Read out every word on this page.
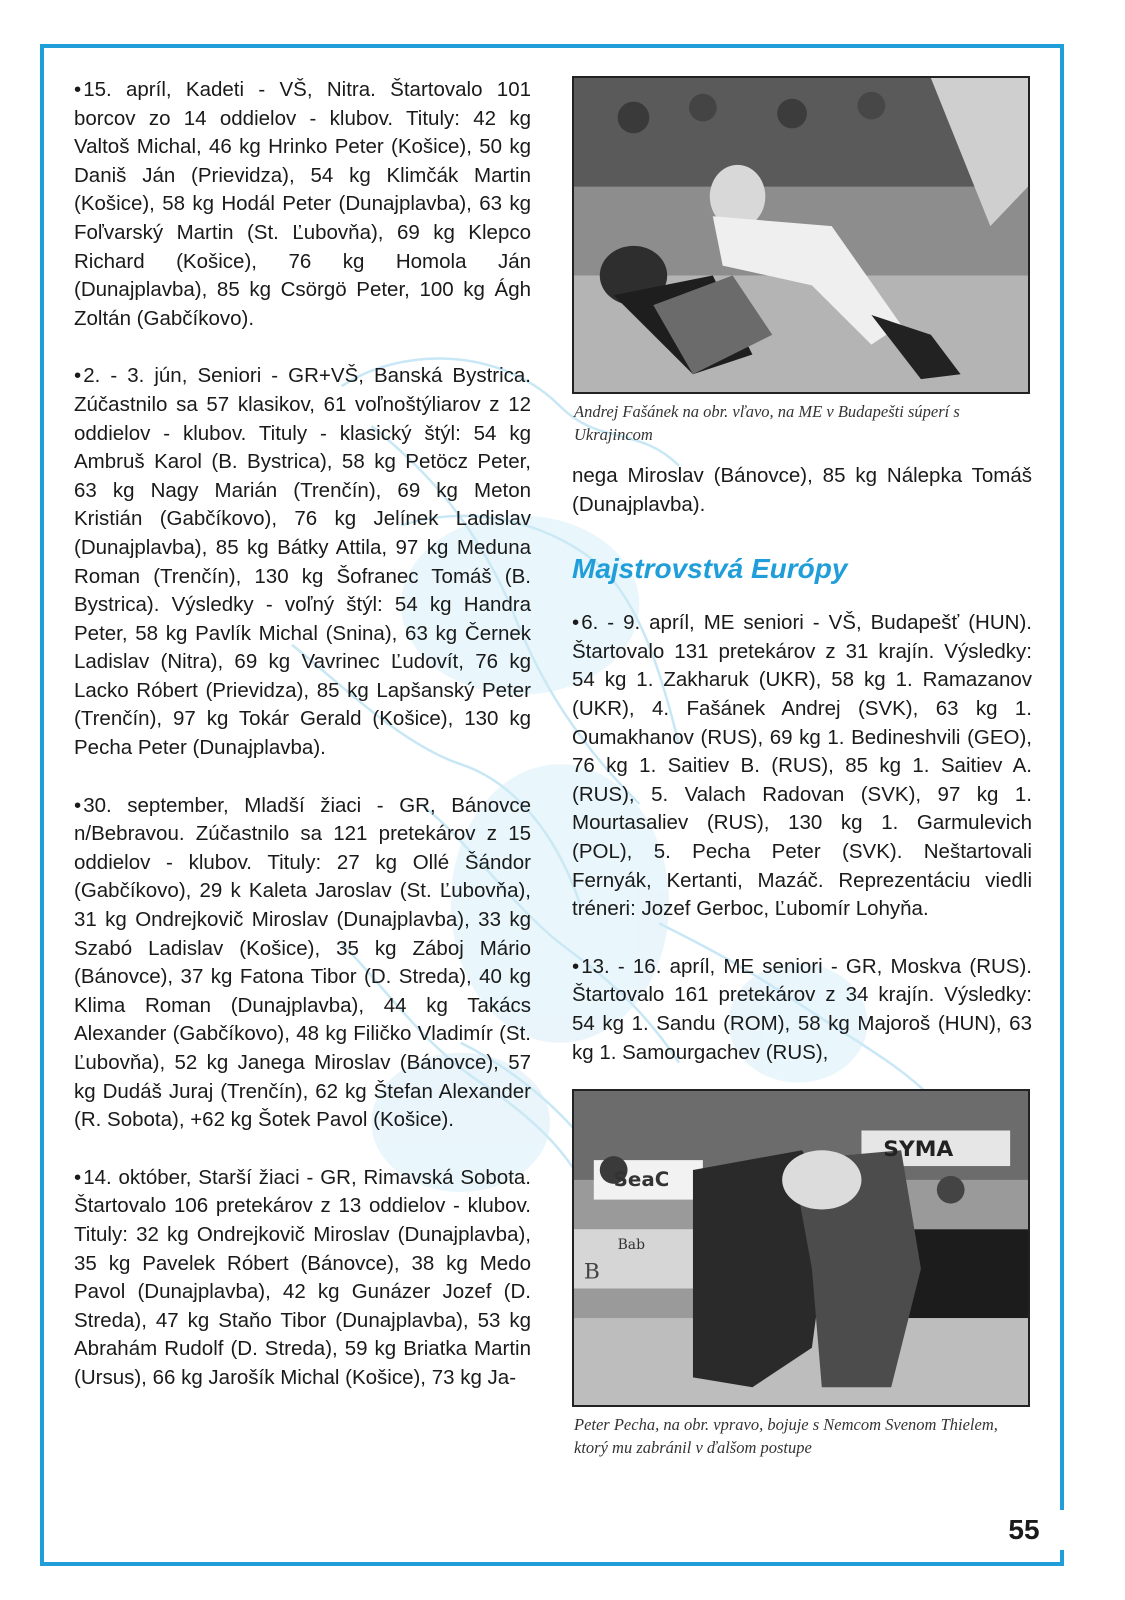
• 15. apríl, Kadeti - VŠ, Nitra. Štartovalo 101 borcov zo 14 oddielov - klubov. Tituly: 42 kg Valtoš Michal, 46 kg Hrinko Peter (Košice), 50 kg Daniš Ján (Prievidza), 54 kg Klimčák Martin (Košice), 58 kg Hodál Peter (Dunajplavba), 63 kg Foľvarský Martin (St. Ľubovňa), 69 kg Klepco Richard (Košice), 76 kg Homola Ján (Dunajplavba), 85 kg Csörgö Peter, 100 kg Ágh Zoltán (Gabčíkovo).

• 2. - 3. jún, Seniori - GR+VŠ, Banská Bystrica. Zúčastnilo sa 57 klasikov, 61 voľnoštýliarov z 12 oddielov - klubov. Tituly - klasický štýl: 54 kg Ambruš Karol (B. Bystrica), 58 kg Petöcz Peter, 63 kg Nagy Marián (Trenčín), 69 kg Meton Kristián (Gabčíkovo), 76 kg Jelínek Ladislav (Dunajplavba), 85 kg Bátky Attila, 97 kg Meduna Roman (Trenčín), 130 kg Šofranec Tomáš (B. Bystrica). Výsledky - voľný štýl: 54 kg Handra Peter, 58 kg Pavlík Michal (Snina), 63 kg Černek Ladislav (Nitra), 69 kg Vavrinec Ľudovít, 76 kg Lacko Róbert (Prievidza), 85 kg Lapšanský Peter (Trenčín), 97 kg Tokár Gerald (Košice), 130 kg Pecha Peter (Dunajplavba).

• 30. september, Mladší žiaci - GR, Bánovce n/Bebravou. Zúčastnilo sa 121 pretekárov z 15 oddielov - klubov. Tituly: 27 kg Ollé Šándor (Gabčíkovo), 29 k Kaleta Jaroslav (St. Ľubovňa), 31 kg Ondrejkovič Miroslav (Dunajplavba), 33 kg Szabó Ladislav (Košice), 35 kg Záboj Mário (Bánovce), 37 kg Fatona Tibor (D. Streda), 40 kg Klima Roman (Dunajplavba), 44 kg Takács Alexander (Gabčíkovo), 48 kg Filičko Vladimír (St. Ľubovňa), 52 kg Janega Miroslav (Bánovce), 57 kg Dudáš Juraj (Trenčín), 62 kg Štefan Alexander (R. Sobota), +62 kg Šotek Pavol (Košice).

• 14. október, Starší žiaci - GR, Rimavská Sobota. Štartovalo 106 pretekárov z 13 oddielov - klubov. Tituly: 32 kg Ondrejkovič Miroslav (Dunajplavba), 35 kg Pavelek Róbert (Bánovce), 38 kg Medo Pavol (Dunajplavba), 42 kg Gunázer Jozef (D. Streda), 47 kg Staňo Tibor (Dunajplavba), 53 kg Abrahám Rudolf (D. Streda), 59 kg Briatka Martin (Ursus), 66 kg Jarošík Michal (Košice), 73 kg Ja-

Andrej Fašánek na obr. vľavo, na ME v Budapešti súperí s Ukrajincom

nega Miroslav (Bánovce), 85 kg Nálepka Tomáš (Dunajplavba).

Majstrovstvá Európy

• 6. - 9. apríl, ME seniori - VŠ, Budapešť (HUN). Štartovalo 131 pretekárov z 31 krajín. Výsledky: 54 kg 1. Zakharuk (UKR), 58 kg 1. Ramazanov (UKR), 4. Fašánek Andrej (SVK), 63 kg 1. Oumakhanov (RUS), 69 kg 1. Bedineshvili (GEO), 76 kg 1. Saitiev B. (RUS), 85 kg 1. Saitiev A. (RUS), 5. Valach Radovan (SVK), 97 kg 1. Mourtasaliev (RUS), 130 kg 1. Garmulevich (POL), 5. Pecha Peter (SVK). Neštartovali Fernyák, Kertanti, Mazáč. Reprezentáciu viedli tréneri: Jozef Gerboc, Ľubomír Lohyňa.

• 13. - 16. apríl, ME seniori - GR, Moskva (RUS). Štartovalo 161 pretekárov z 34 krajín. Výsledky: 54 kg 1. Sandu (ROM), 58 kg Majoroš (HUN), 63 kg 1. Samourgachev (RUS),

SeaC
SYMA
Bab
B

Peter Pecha, na obr. vpravo, bojuje s Nemcom Svenom Thielem, ktorý mu zabránil v ďalšom postupe

55
